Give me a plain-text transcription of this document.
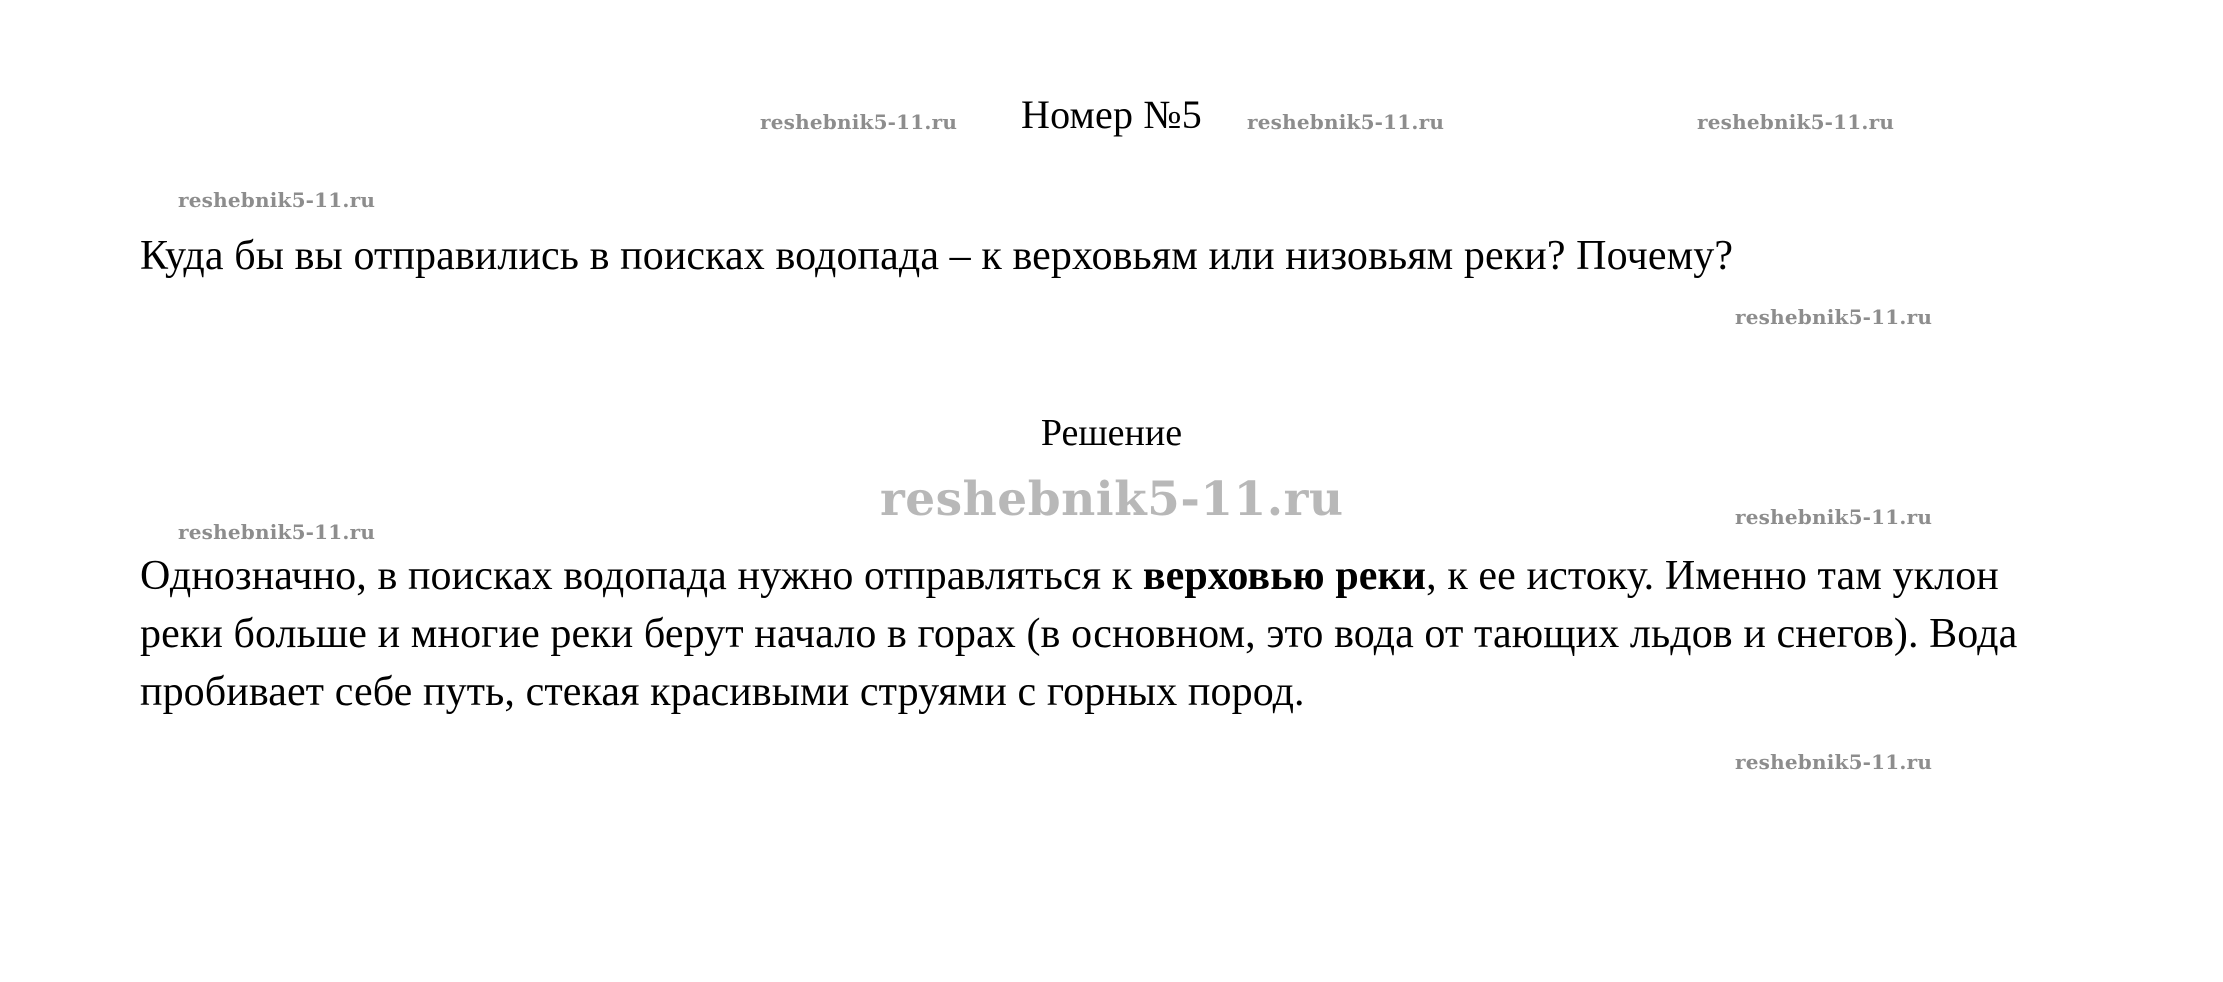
Номер №5
Куда бы вы отправились в поисках водопада – к верховьям или низовьям реки? Почему?
Решение
Однозначно, в поисках водопада нужно отправляться к верховью реки, к ее истоку. Именно там уклон реки больше и многие реки берут начало в горах (в основном, это вода от тающих льдов и снегов). Вода пробивает себе путь, стекая красивыми струями с горных пород.
reshebnik5-11.ru	reshebnik5-11.ru	reshebnik5-11.ru
reshebnik5-11.ru
reshebnik5-11.ru
reshebnik5-11.ru
reshebnik5-11.ru
reshebnik5-11.ru
reshebnik5-11.ru
